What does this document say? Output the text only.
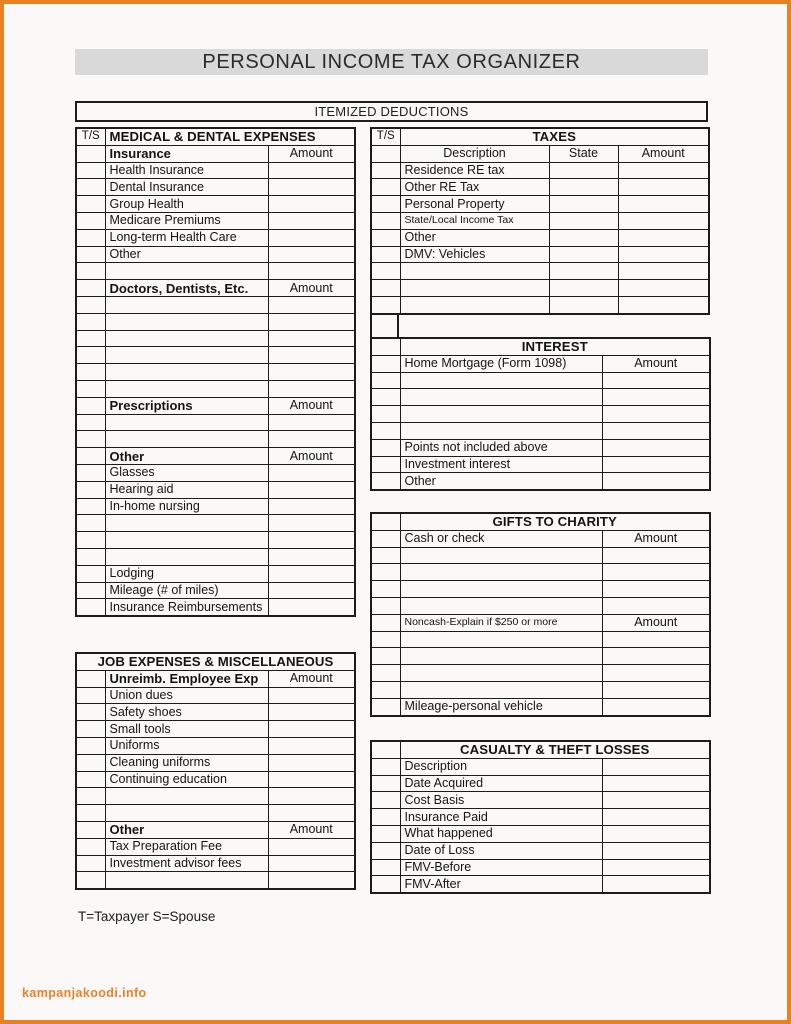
PERSONAL INCOME TAX ORGANIZER
ITEMIZED DEDUCTIONS
T/S	MEDICAL & DENTAL EXPENSES	
	Insurance	Amount
	Health Insurance	
	Dental Insurance	
	Group Health	
	Medicare Premiums	
	Long-term Health Care	
	Other	

	Doctors, Dentists, Etc.	Amount

	Prescriptions	Amount

	Other	Amount
	Glasses	
	Hearing aid	
	In-home nursing	

	Lodging	
	Mileage (# of miles)	
	Insurance Reimbursements	
JOB EXPENSES & MISCELLANEOUS		
	Unreimb. Employee Exp	Amount
	Union dues	
	Safety shoes	
	Small tools	
	Uniforms	
	Cleaning uniforms	
	Continuing education	

	Other	Amount
	Tax Preparation Fee	
	Investment advisor fees	

T/S	TAXES		
	Description	State	Amount
	Residence RE tax		
	Other RE Tax		
	Personal Property		
	State/Local Income Tax		
	Other		
	DMV: Vehicles		

	INTEREST	
	Home Mortgage (Form 1098)	Amount

	Points not included above	
	Investment interest	
	Other	
	GIFTS TO CHARITY	
	Cash or check	Amount

	Noncash-Explain if $250 or more	Amount

	Mileage-personal vehicle	
	CASUALTY & THEFT LOSSES	
	Description	
	Date Acquired	
	Cost Basis	
	Insurance Paid	
	What happened	
	Date of Loss	
	FMV-Before	
	FMV-After	
T=Taxpayer S=Spouse
kampanjakoodi.info
